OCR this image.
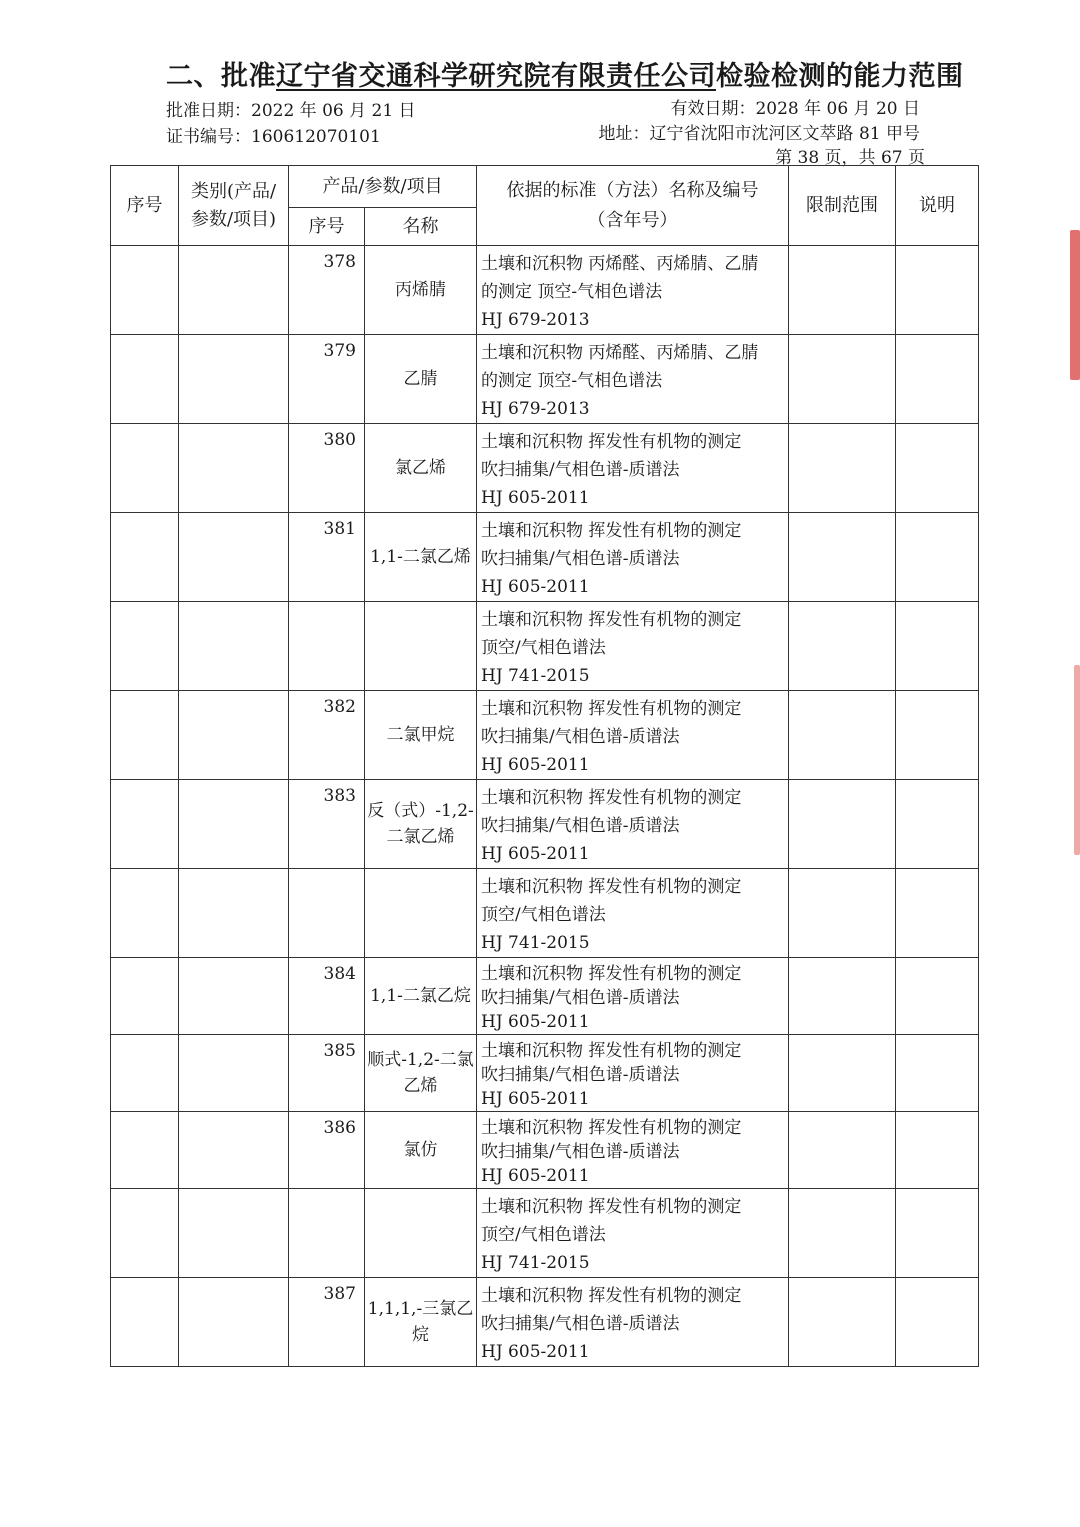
二、批准辽宁省交通科学研究院有限责任公司检验检测的能力范围
批准日期：2022 年 06 月 21 日
证书编号：160612070101
有效日期：2028 年 06 月 20 日
地址：辽宁省沈阳市沈河区文萃路 81 甲号
第 38 页，共 67 页
序号	类别(产品/参数/项目)	产品/参数/项目		依据的标准（方法）名称及编号（含年号）	限制范围	说明
		序号	名称			
		378	丙烯腈	土壤和沉积物 丙烯醛、丙烯腈、乙腈
的测定 顶空-气相色谱法
HJ 679-2013		

		379	乙腈	土壤和沉积物 丙烯醛、丙烯腈、乙腈
的测定 顶空-气相色谱法
HJ 679-2013		

		380	氯乙烯	土壤和沉积物 挥发性有机物的测定
吹扫捕集/气相色谱-质谱法
HJ 605-2011		

		381	1,1-二氯乙烯	土壤和沉积物 挥发性有机物的测定
吹扫捕集/气相色谱-质谱法
HJ 605-2011		

				土壤和沉积物 挥发性有机物的测定
顶空/气相色谱法
HJ 741-2015		

		382	二氯甲烷	土壤和沉积物 挥发性有机物的测定
吹扫捕集/气相色谱-质谱法
HJ 605-2011		

		383	反（式）-1,2-二氯乙烯	土壤和沉积物 挥发性有机物的测定
吹扫捕集/气相色谱-质谱法
HJ 605-2011		

				土壤和沉积物 挥发性有机物的测定
顶空/气相色谱法
HJ 741-2015		

		384	1,1-二氯乙烷	土壤和沉积物 挥发性有机物的测定
吹扫捕集/气相色谱-质谱法
HJ 605-2011		

		385	顺式-1,2-二氯乙烯	土壤和沉积物 挥发性有机物的测定
吹扫捕集/气相色谱-质谱法
HJ 605-2011		

		386	氯仿	土壤和沉积物 挥发性有机物的测定
吹扫捕集/气相色谱-质谱法
HJ 605-2011		

				土壤和沉积物 挥发性有机物的测定
顶空/气相色谱法
HJ 741-2015		

		387	1,1,1,-三氯乙烷	土壤和沉积物 挥发性有机物的测定
吹扫捕集/气相色谱-质谱法
HJ 605-2011		
